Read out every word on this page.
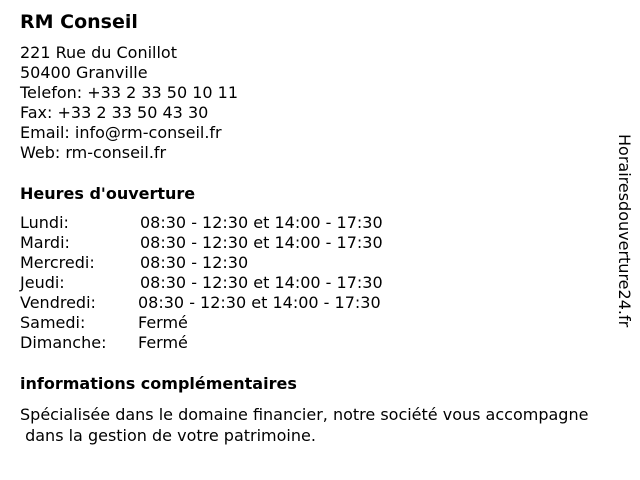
RM Conseil
221 Rue du Conillot
50400 Granville
Telefon: +33 2 33 50 10 11
Fax: +33 2 33 50 43 30
Email: info@rm-conseil.fr
Web: rm-conseil.fr
Heures d'ouverture
Lundi:	08:30 - 12:30 et 14:00 - 17:30
Mardi:	08:30 - 12:30 et 14:00 - 17:30
Mercredi:	08:30 - 12:30
Jeudi:	08:30 - 12:30 et 14:00 - 17:30
Vendredi:	08:30 - 12:30 et 14:00 - 17:30
Samedi:	Fermé
Dimanche: Fermé
informations complémentaires
Spécialisée dans le domaine financier, notre société vous accompagne
dans la gestion de votre patrimoine.
Horairesdouverture24.fr
